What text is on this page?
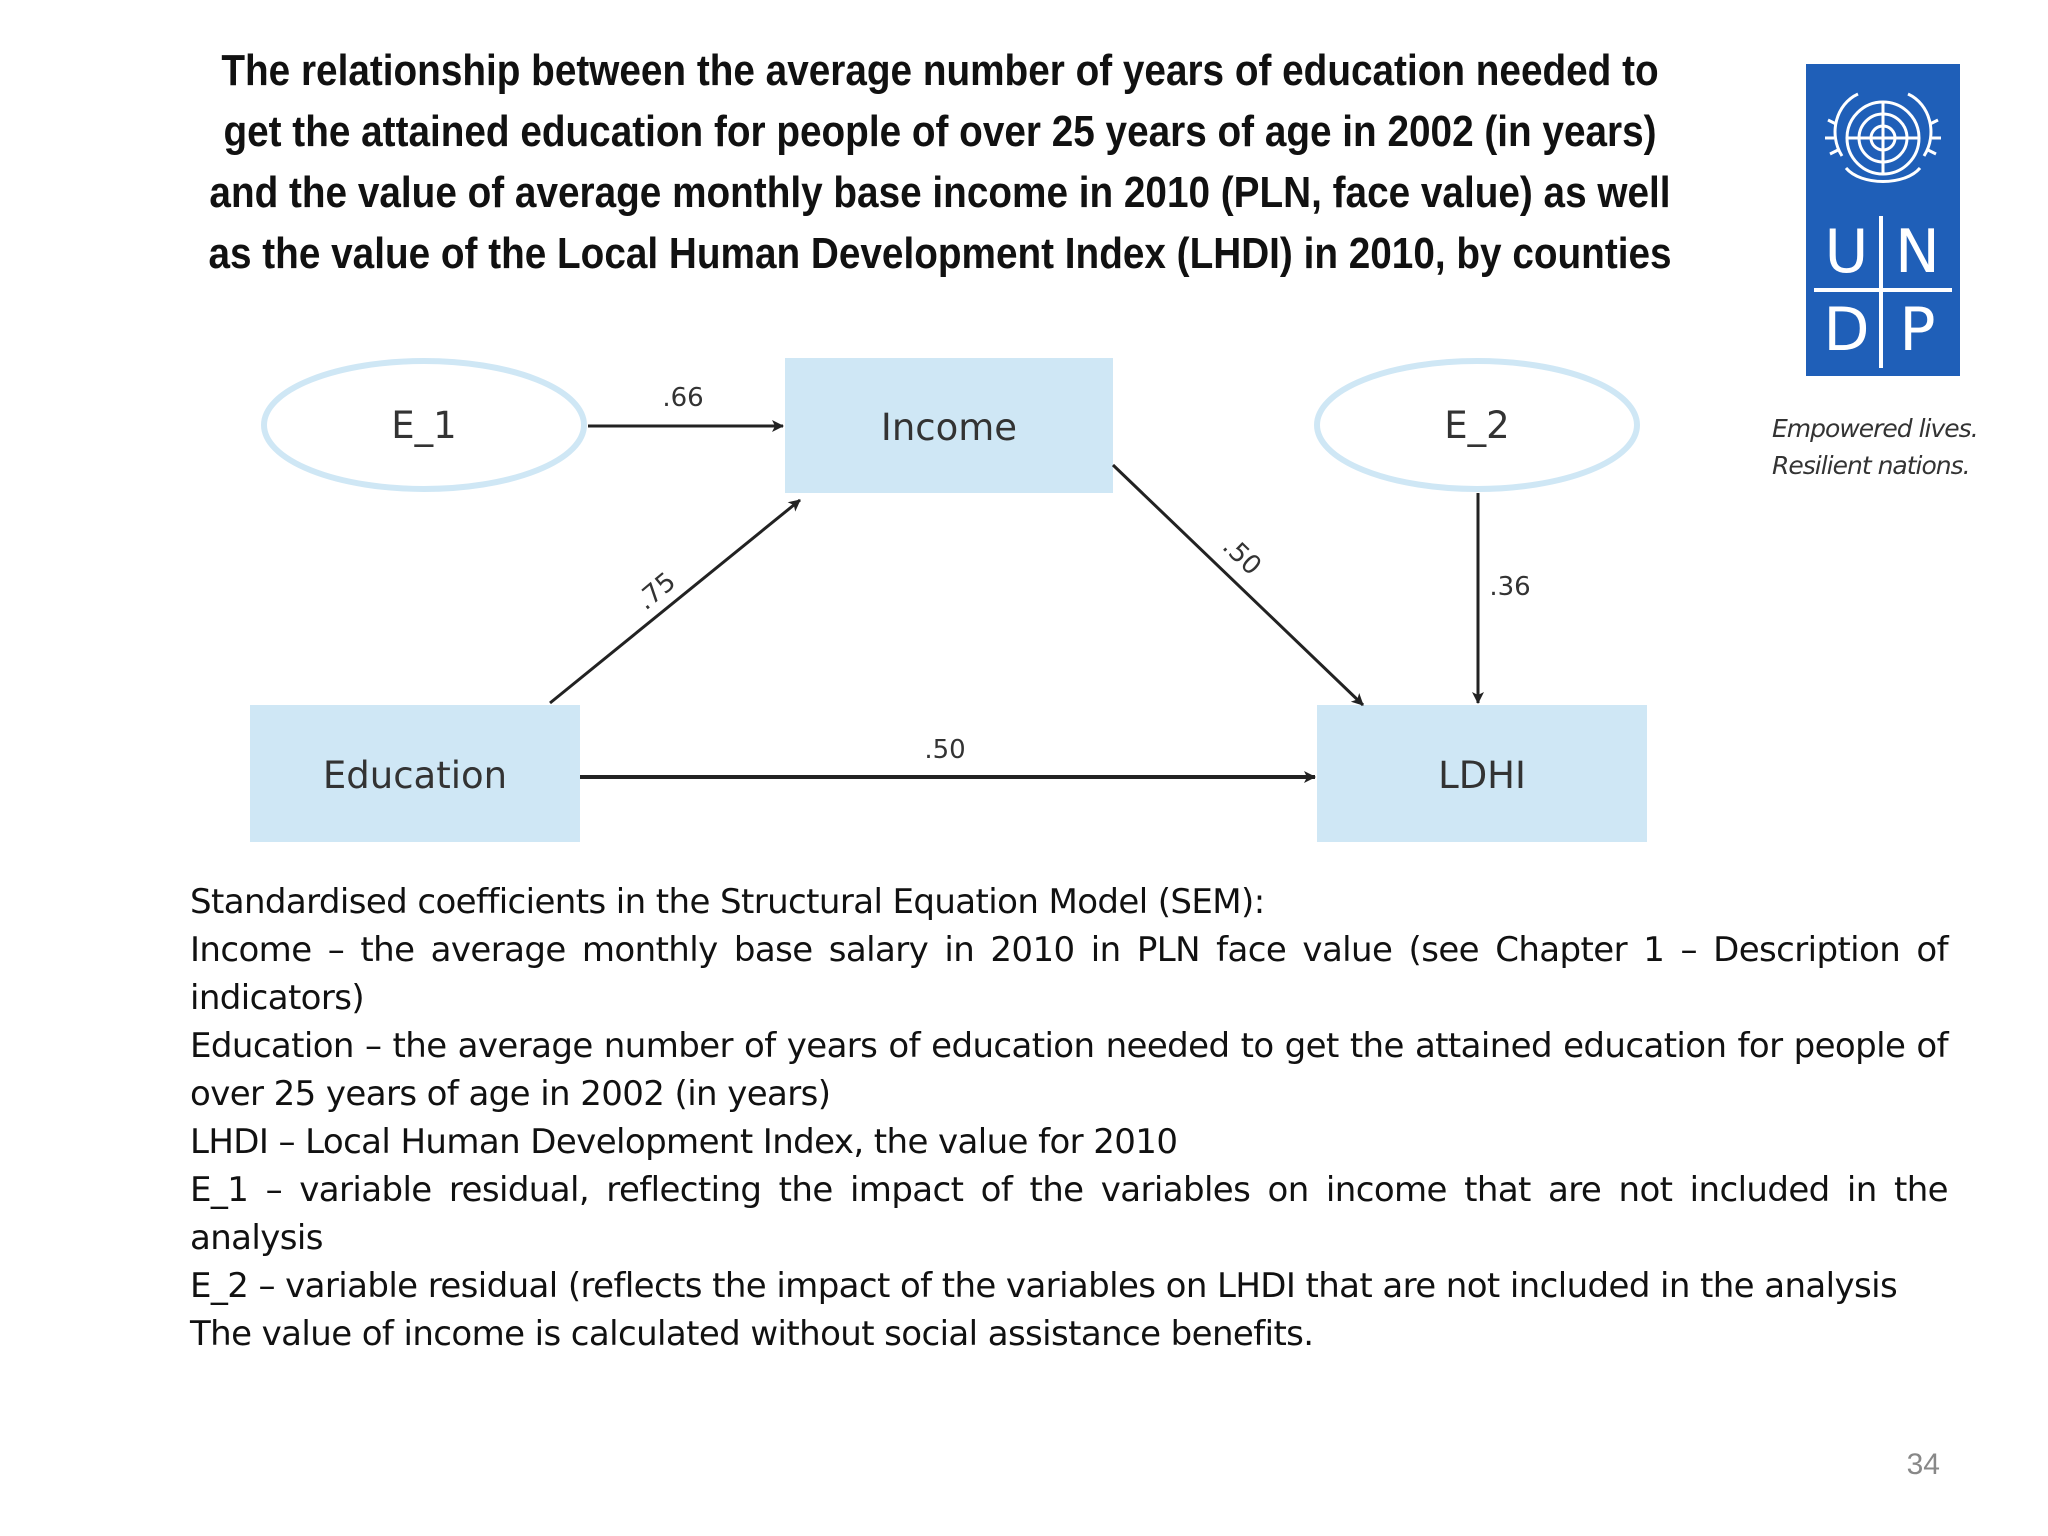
The relationship between the average number of years of education needed to get the attained education for people of over 25 years of age in 2002 (in years) and the value of average monthly base income in 2010 (PLN, face value) as well as the value of the Local Human Development Index (LHDI) in 2010, by counties	U N
D P
Empowered lives.
Resilient nations.
E_1	Income	E_2
Education	LDHI
.66
.75
.50
.36
.50
Standardised coefficients in the Structural Equation Model (SEM):
Income – the average monthly base salary in 2010 in PLN face value (see Chapter 1 – Description of indicators)
Education – the average number of years of education needed to get the attained education for people of over 25 years of age in 2002 (in years)
LHDI – Local Human Development Index, the value for 2010
E_1 – variable residual, reflecting the impact of the variables on income that are not included in the analysis
E_2 – variable residual (reflects the impact of the variables on LHDI that are not included in the analysis
The value of income is calculated without social assistance benefits.
34
